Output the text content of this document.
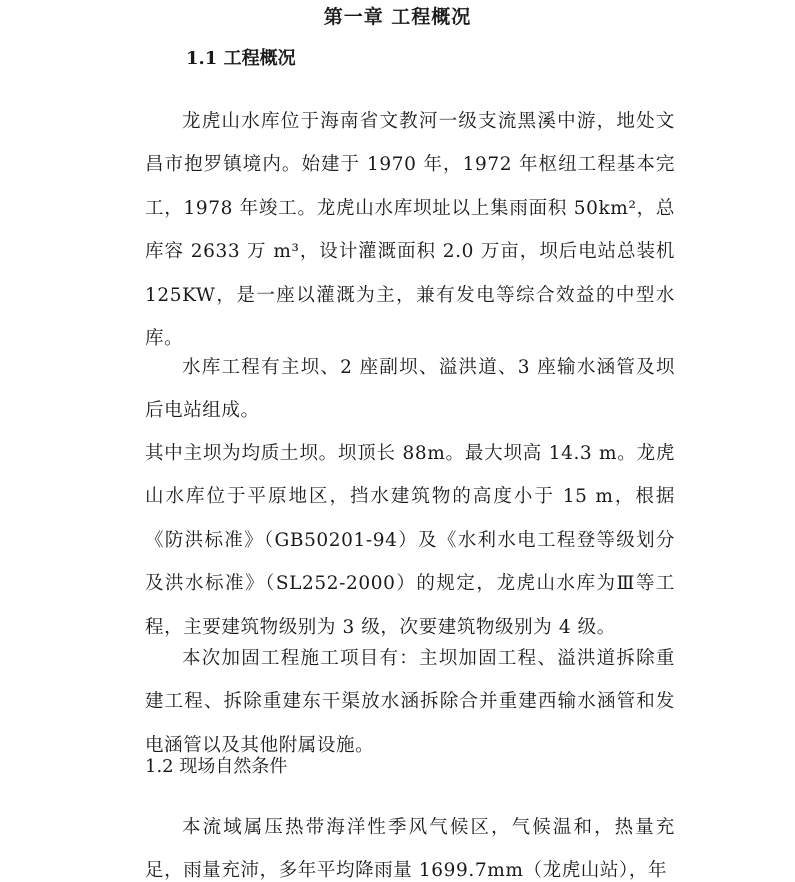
第一章 工程概况
1.1 工程概况

龙虎山水库位于海南省文教河一级支流黑溪中游，地处文昌市抱罗镇境内。始建于 1970 年，1972 年枢纽工程基本完工，1978 年竣工。龙虎山水库坝址以上集雨面积 50km²，总库容 2633 万 m³，设计灌溉面积 2.0 万亩，坝后电站总装机 125KW，是一座以灌溉为主，兼有发电等综合效益的中型水库。

水库工程有主坝、2 座副坝、溢洪道、3 座输水涵管及坝后电站组成。

其中主坝为均质土坝。坝顶长 88m。最大坝高 14.3 m。龙虎山水库位于平原地区，挡水建筑物的高度小于 15 m，根据《防洪标准》（GB50201-94）及《水利水电工程登等级划分及洪水标准》（SL252-2000）的规定，龙虎山水库为Ⅲ等工程，主要建筑物级别为 3 级，次要建筑物级别为 4 级。

本次加固工程施工项目有：主坝加固工程、溢洪道拆除重建工程、拆除重建东干渠放水涵拆除合并重建西输水涵管和发电涵管以及其他附属设施。

1.2 现场自然条件

本流域属压热带海洋性季风气候区，气候温和，热量充足，雨量充沛，多年平均降雨量 1699.7mm（龙虎山站），年
